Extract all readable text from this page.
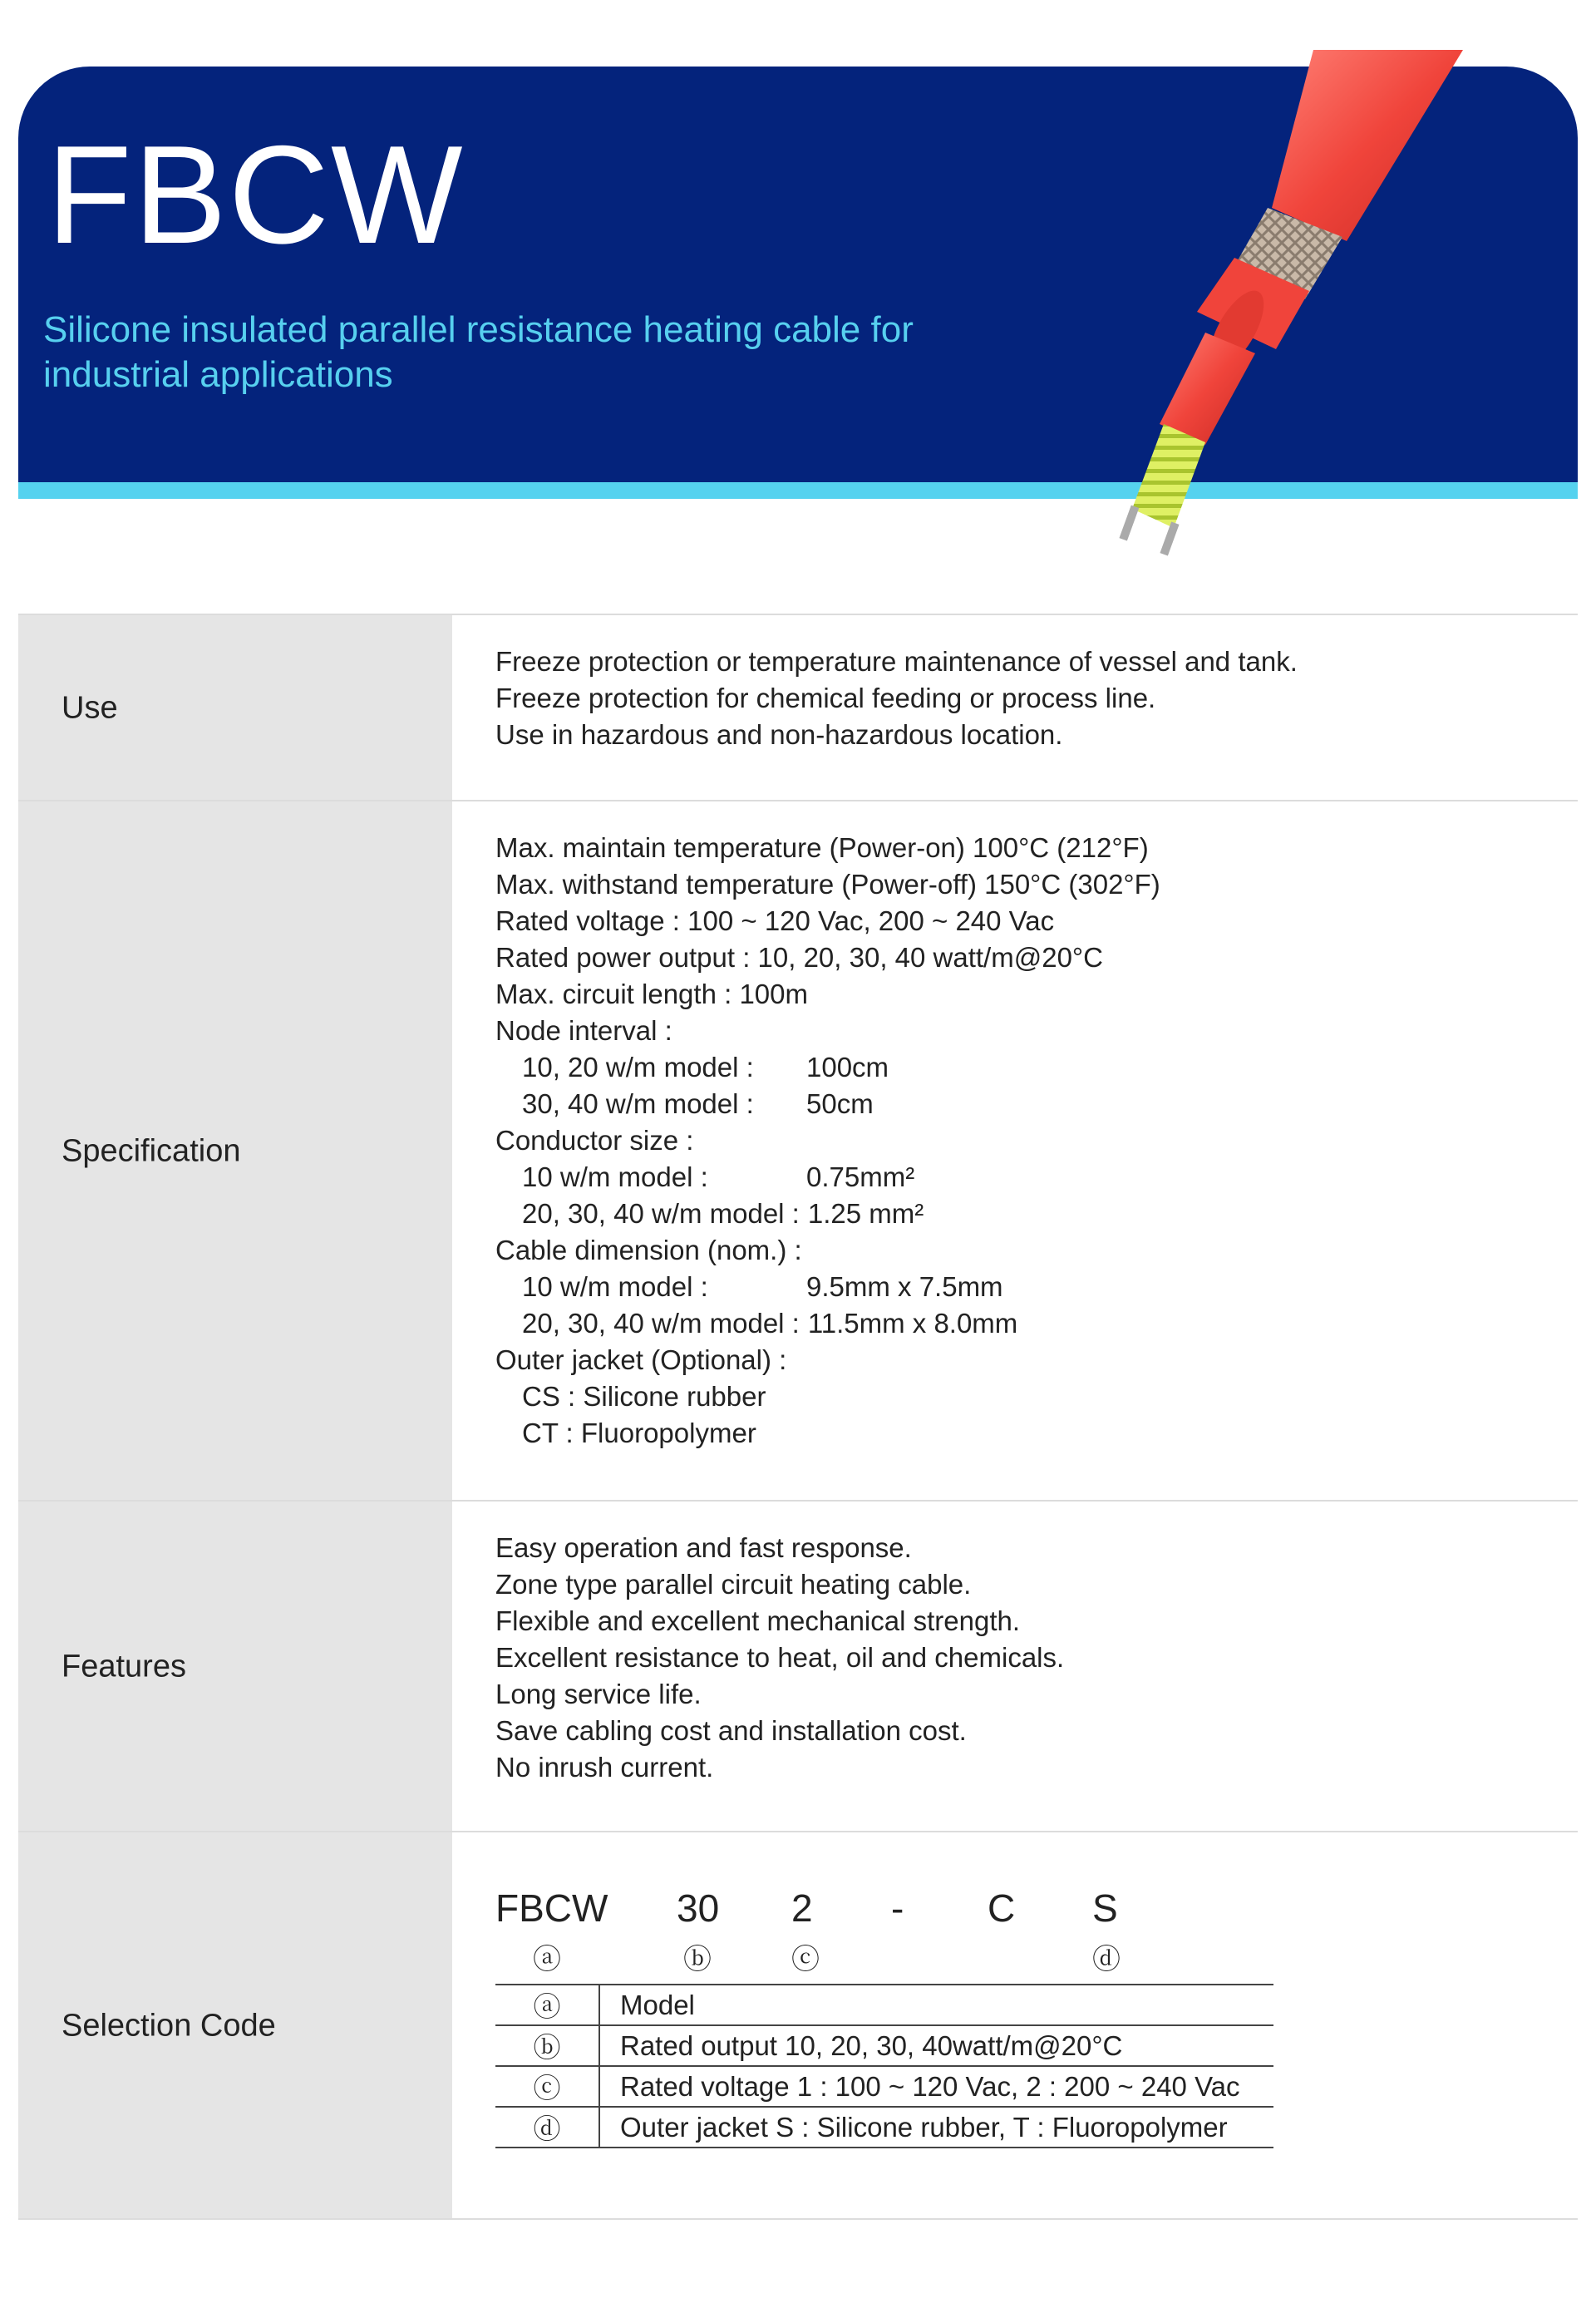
FBCW

Silicone insulated parallel resistance heating cable for industrial applications

Use
Freeze protection or temperature maintenance of vessel and tank.
Freeze protection for chemical feeding or process line.
Use in hazardous and non-hazardous location.
Specification
Max. maintain temperature (Power-on) 100°C (212°F)
Max. withstand temperature (Power-off) 150°C (302°F)
Rated voltage : 100 ~ 120 Vac, 200 ~ 240 Vac
Rated power output : 10, 20, 30, 40 watt/m@20°C
Max. circuit length : 100m
Node interval :
10, 20 w/m model :	100cm
30, 40 w/m model :	50cm
Conductor size :
10 w/m model :	0.75mm²
20, 30, 40 w/m model : 1.25 mm²
Cable dimension (nom.) :
10 w/m model :	9.5mm x 7.5mm
20, 30, 40 w/m model : 11.5mm x 8.0mm
Outer jacket (Optional) :
CS : Silicone rubber
CT : Fluoropolymer
Features
Easy operation and fast response.
Zone type parallel circuit heating cable.
Flexible and excellent mechanical strength.
Excellent resistance to heat, oil and chemicals.
Long service life.
Save cabling cost and installation cost.
No inrush current.
Selection Code
FBCW 30 2 - C S
ⓐ	ⓑ	ⓒ	ⓓ
ⓐ	Model
ⓑ	Rated output 10, 20, 30, 40watt/m@20°C
ⓒ	Rated voltage 1 : 100 ~ 120 Vac, 2 : 200 ~ 240 Vac
ⓓ	Outer jacket S : Silicone rubber, T : Fluoropolymer
